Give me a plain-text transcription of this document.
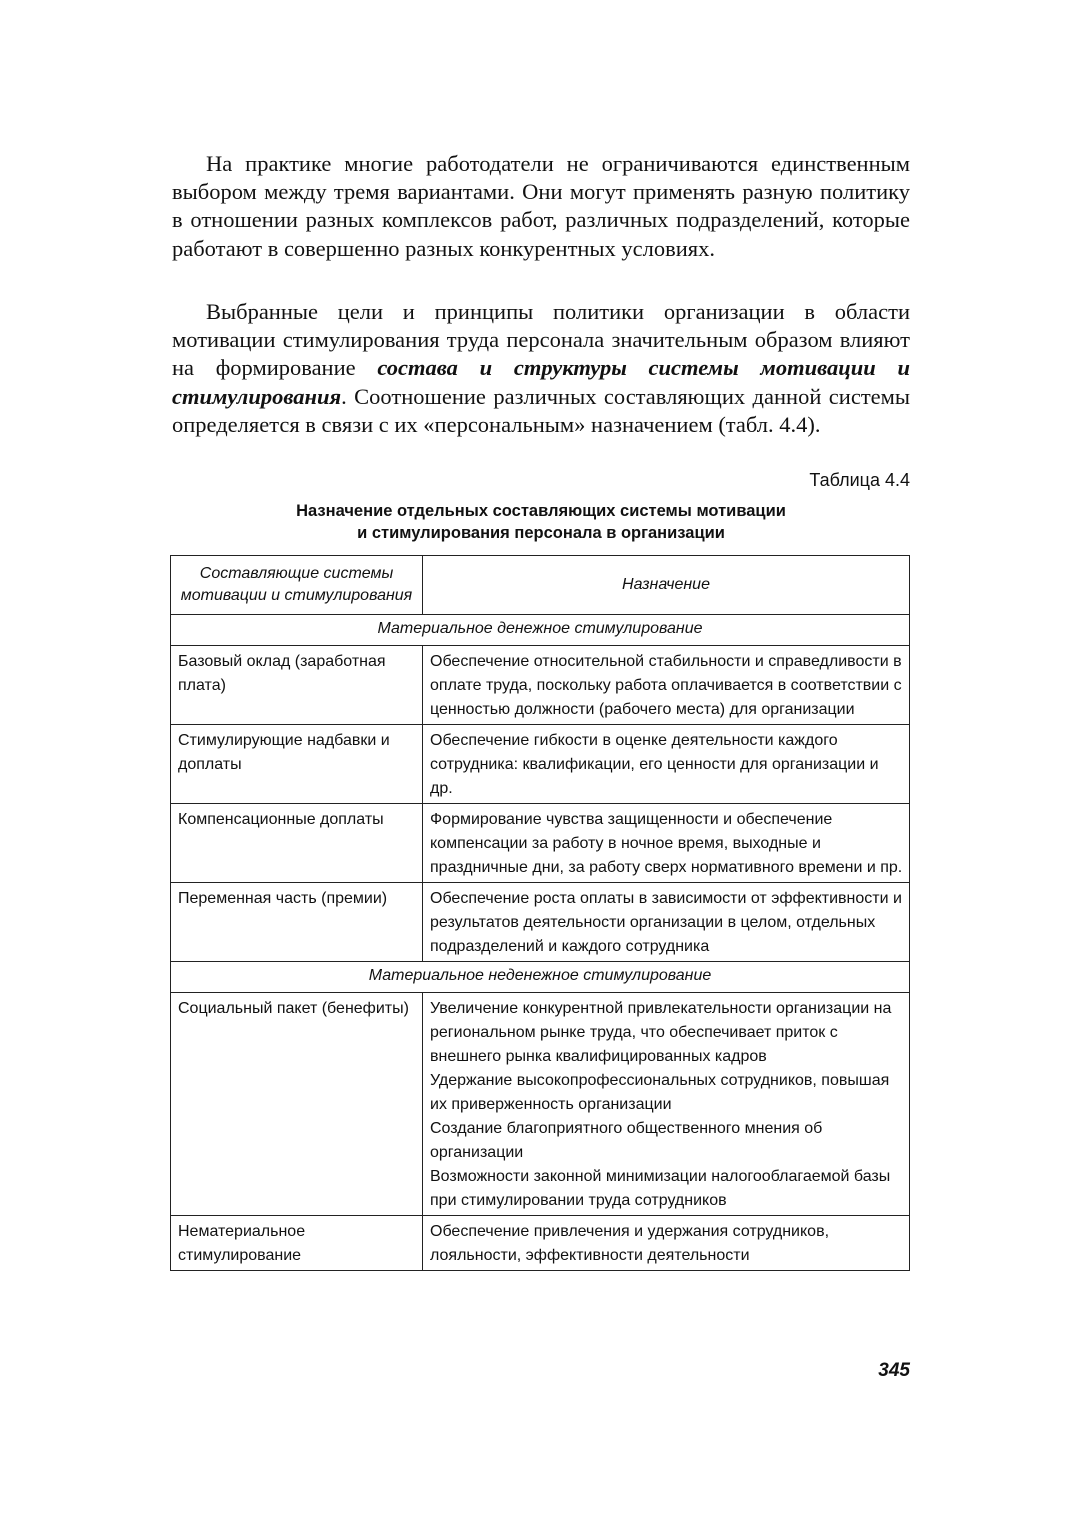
На практике многие работодатели не ограничиваются единственным выбором между тремя вариантами. Они могут применять разную политику в отношении разных комплексов работ, различных подразделений, которые работают в совершенно разных конкурентных условиях.

Выбранные цели и принципы политики организации в области мотивации стимулирования труда персонала значительным образом влияют на формирование состава и структуры системы мотивации и стимулирования. Соотношение различных составляющих данной системы определяется в связи с их «персональным» назначением (табл. 4.4).

Таблица 4.4
Назначение отдельных составляющих системы мотивации
и стимулирования персонала в организации
Составляющие системы мотивации и стимулирования	Назначение
Материальное денежное стимулирование	
Базовый оклад (заработная плата)	Обеспечение относительной стабильности и справедливости в оплате труда, поскольку работа оплачивается в соответствии с ценностью должности (рабочего места) для организации

Стимулирующие надбавки и доплаты	Обеспечение гибкости в оценке деятельности каждого сотрудника: квалификации, его ценности для организации и др.

Компенсационные доплаты	Формирование чувства защищенности и обеспечение компенсации за работу в ночное время, выходные и праздничные дни, за работу сверх нормативного времени и пр.

Переменная часть (премии)	Обеспечение роста оплаты в зависимости от эффективности и результатов деятельности организации в целом, отдельных подразделений и каждого сотрудника

Материальное неденежное стимулирование	
Социальный пакет (бенефиты)	Увеличение конкурентной привлекательности организации на региональном рынке труда, что обеспечивает приток с внешнего рынка квалифицированных кадров
Удержание высокопрофессиональных сотрудников, повышая их приверженность организации
Создание благоприятного общественного мнения об организации
Возможности законной минимизации налогооблагаемой базы при стимулировании труда сотрудников

Нематериальное стимулирование	Обеспечение привлечения и удержания сотрудников, лояльности, эффективности деятельности
345
